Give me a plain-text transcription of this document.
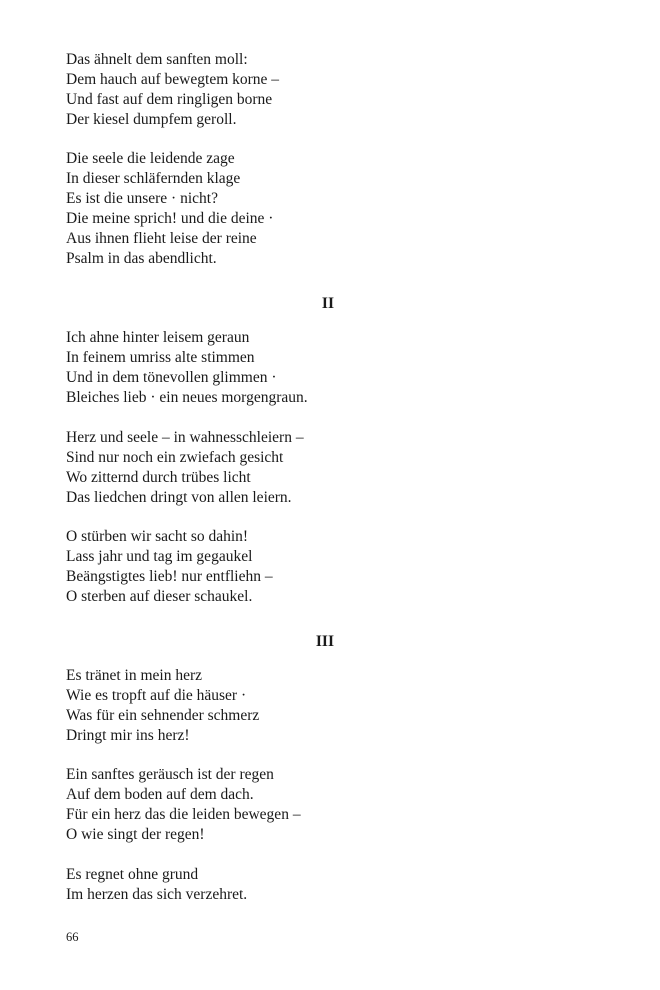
Das ähnelt dem sanften moll:
Dem hauch auf bewegtem korne –
Und fast auf dem ringligen borne
Der kiesel dumpfem geroll.
Die seele die leidende zage
In dieser schläfernden klage
Es ist die unsere · nicht?
Die meine sprich! und die deine ·
Aus ihnen flieht leise der reine
Psalm in das abendlicht.
II
Ich ahne hinter leisem geraun
In feinem umriss alte stimmen
Und in dem tönevollen glimmen ·
Bleiches lieb · ein neues morgengraun.
Herz und seele – in wahnesschleiern –
Sind nur noch ein zwiefach gesicht
Wo zitternd durch trübes licht
Das liedchen dringt von allen leiern.
O stürben wir sacht so dahin!
Lass jahr und tag im gegaukel
Beängstigtes lieb! nur entfliehn –
O sterben auf dieser schaukel.
III
Es tränet in mein herz
Wie es tropft auf die häuser ·
Was für ein sehnender schmerz
Dringt mir ins herz!
Ein sanftes geräusch ist der regen
Auf dem boden auf dem dach.
Für ein herz das die leiden bewegen –
O wie singt der regen!
Es regnet ohne grund
Im herzen das sich verzehret.
66
